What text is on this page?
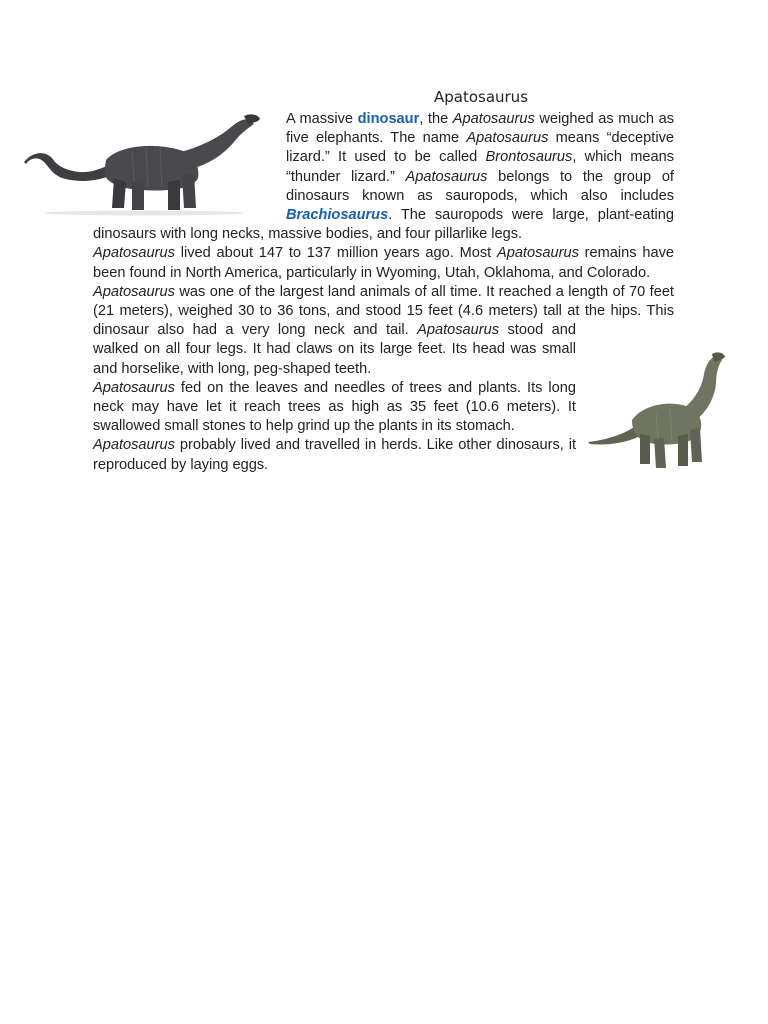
Apatosaurus

A massive dinosaur, the Apatosaurus weighed as much as five elephants. The name Apatosaurus means “deceptive lizard.” It used to be called Brontosaurus, which means “thunder lizard.” Apatosaurus belongs to the group of dinosaurs known as sauropods, which also includes Brachiosaurus. The sauropods were large, plant-eating dinosaurs with long necks, massive bodies, and four pillarlike legs.

Apatosaurus lived about 147 to 137 million years ago. Most Apatosaurus remains have been found in North America, particularly in Wyoming, Utah, Oklahoma, and Colorado.

Apatosaurus was one of the largest land animals of all time. It reached a length of 70 feet (21 meters), weighed 30 to 36 tons, and stood 15 feet (4.6 meters) tall at the hips. This dinosaur also had a very long neck and tail.
Apatosaurus stood and walked on all four legs. It had claws on its large feet. Its head was small and horselike, with long, peg-shaped teeth.

Apatosaurus fed on the leaves and needles of trees and plants. Its long neck may have let it reach trees as high as 35 feet (10.6 meters). It swallowed small stones to help grind up the plants in its stomach.

Apatosaurus probably lived and travelled in herds. Like other dinosaurs, it reproduced by laying eggs.
